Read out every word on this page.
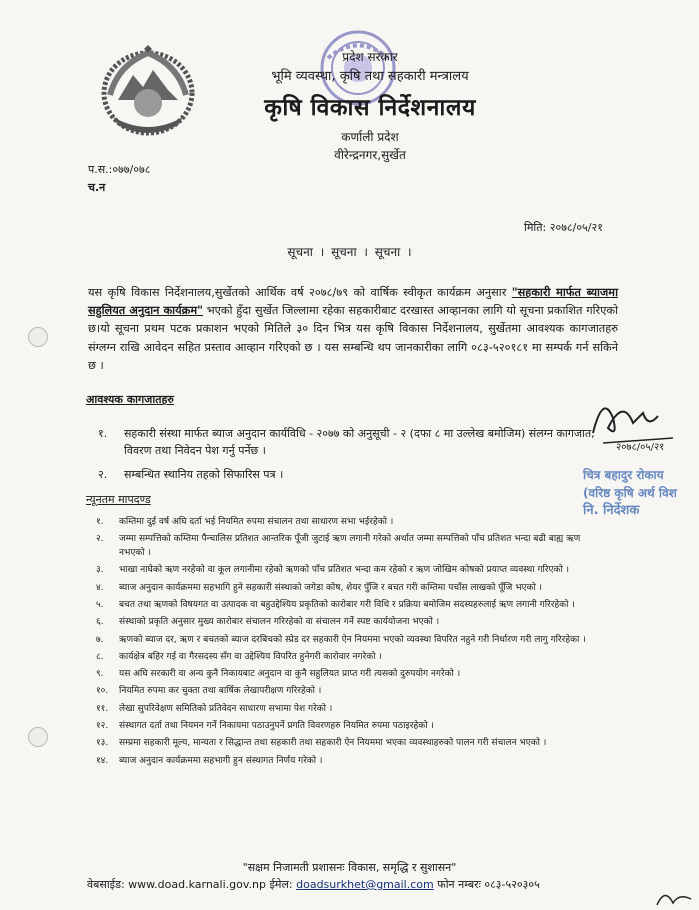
प्रदेश सरकार
भूमि व्यवस्था, कृषि तथा सहकारी मन्त्रालय
कृषि विकास निर्देशनालय
कर्णाली प्रदेश
वीरेन्द्रनगर,सुर्खेत
प.स.:०७७/०७८
च.न
मिति: २०७८/०५/२१
सूचना । सूचना । सूचना ।
यस कृषि विकास निर्देशनालय,सुर्खेतको आर्थिक वर्ष २०७८/७९ को वार्षिक स्वीकृत कार्यक्रम अनुसार "सहकारी मार्फत ब्याजमा सहुलियत अनुदान कार्यक्रम" भएको हुँदा सुर्खेत जिल्लामा रहेका सहकारीबाट दरखास्त आव्हानका लागि यो सूचना प्रकाशित गरिएको छ।यो सूचना प्रथम पटक प्रकाशन भएको मितिले ३० दिन भित्र यस कृषि विकास निर्देशनालय, सुर्खेतमा आवश्यक कागजातहरु संग्लग्न राखि आवेदन सहित प्रस्ताव आव्हान गरिएको छ । यस सम्बन्धि थप जानकारीका लागि ०८३-५२०१८१ मा सम्पर्क गर्न सकिने छ ।
आवश्यक कागजातहरु
१.	सहकारी संस्था मार्फत ब्याज अनुदान कार्यविधि - २०७७ को अनुसूची - २ (दफा ८ मा उल्लेख बमोजिम) संलग्न कागजात, विवरण तथा निवेदन पेश गर्नु पर्नेछ ।
२.	सम्बन्धित स्थानिय तहको सिफारिस पत्र ।
न्यूनतम मापदण्ड
१.	कम्तिमा दुई वर्ष अघि दर्ता भई नियमित रुपमा संचालन तथा साधारण सभा भईरहेको ।
२.	जम्मा सम्पत्तिको कम्तिमा पैन्चालिस प्रतिशत आन्तरिक पूँजी जुटाई ऋण लगानी गरेको अर्थात जम्मा सम्पत्तिको पाँच प्रतिशत भन्दा बढी बाह्य ऋण नभएको ।
३.	भाखा नाघेको ऋण नरहेको वा कूल लगानीमा रहेको ऋणको पाँच प्रतिशत भन्दा कम रहेको र ऋण जोखिम कोषको प्रयाप्त व्यवस्था गरिएको ।
४.	ब्याज अनुदान कार्यक्रममा सहभागि हुने सहकारी संस्थाको जगेडा कोष, शेयर पुँजि र बचत गरी कम्तिमा पचाँस लाखको पूँजि भएको ।
५.	बचत तथा ऋणको विषयगत वा उत्पादक वा बहुउद्देश्यिय प्रकृतिको कारोबार गरी विधि र प्रक्रिया बमोजिम सदस्यहरुलाई ऋण लगानी गरिरहेको ।
६.	संस्थाको प्रकृति अनुसार मुख्य कारोबार संचालन गरिरहेको वा संचालन गर्ने स्पष्ट कार्ययोजना भएको ।
७.	ऋणको ब्याज दर, ऋण र बचतको ब्याज दरबिचको स्प्रेड दर सहकारी ऐन नियममा भएको व्यवस्था विपरित नहुने गरी निर्धारण गरी लागु गरिरहेका ।
८.	कार्यक्षेत्र बहिर गई वा गैरसदस्य सँग वा उद्देश्यिय विपरित हुनेगरी कारोवार नगरेको ।
९.	यस अघि सरकारी वा अन्य कुनै निकायबाट अनुदान वा कुनै सहुलियत प्राप्त गरी त्यसको दुरुपयोग नगरेको ।
१०.	नियमित रुपमा कर चुक्ता तथा बार्षिक लेखापरीक्षण गरिरहेको ।
११.	लेखा सुपरिवेक्षण समितिको प्रतिवेदन साधारण सभामा पेश गरेको ।
१२.	संस्थागत दर्ता तथा नियमन गर्ने निकायमा पठाउनुपर्ने प्रगति विवरणहरु नियमित रुपमा पठाइरहेको ।
१३.	सम्प्रमा सहकारी मूल्य, मान्यता र सिद्धान्त तथा सहकारी तथा सहकारी ऐन नियममा भएका व्यवस्थाहरुको पालन गरी संचालन भएको ।
१४.	ब्याज अनुदान कार्यक्रममा सहभागी हुन संस्थागत निर्णय गरेको ।
२०७८/०५/२१
चित्र बहादुर रोकाय
(वरिष्ठ कृषि अर्थ विश
नि. निर्देशक
"सक्षम निजामती प्रशासनः विकास, समृद्धि र सुशासन"
वेबसाईड: www.doad.karnali.gov.np ईमेल: doadsurkhet@gmail.com फोन नम्बरः ०८३-५२०३०५
